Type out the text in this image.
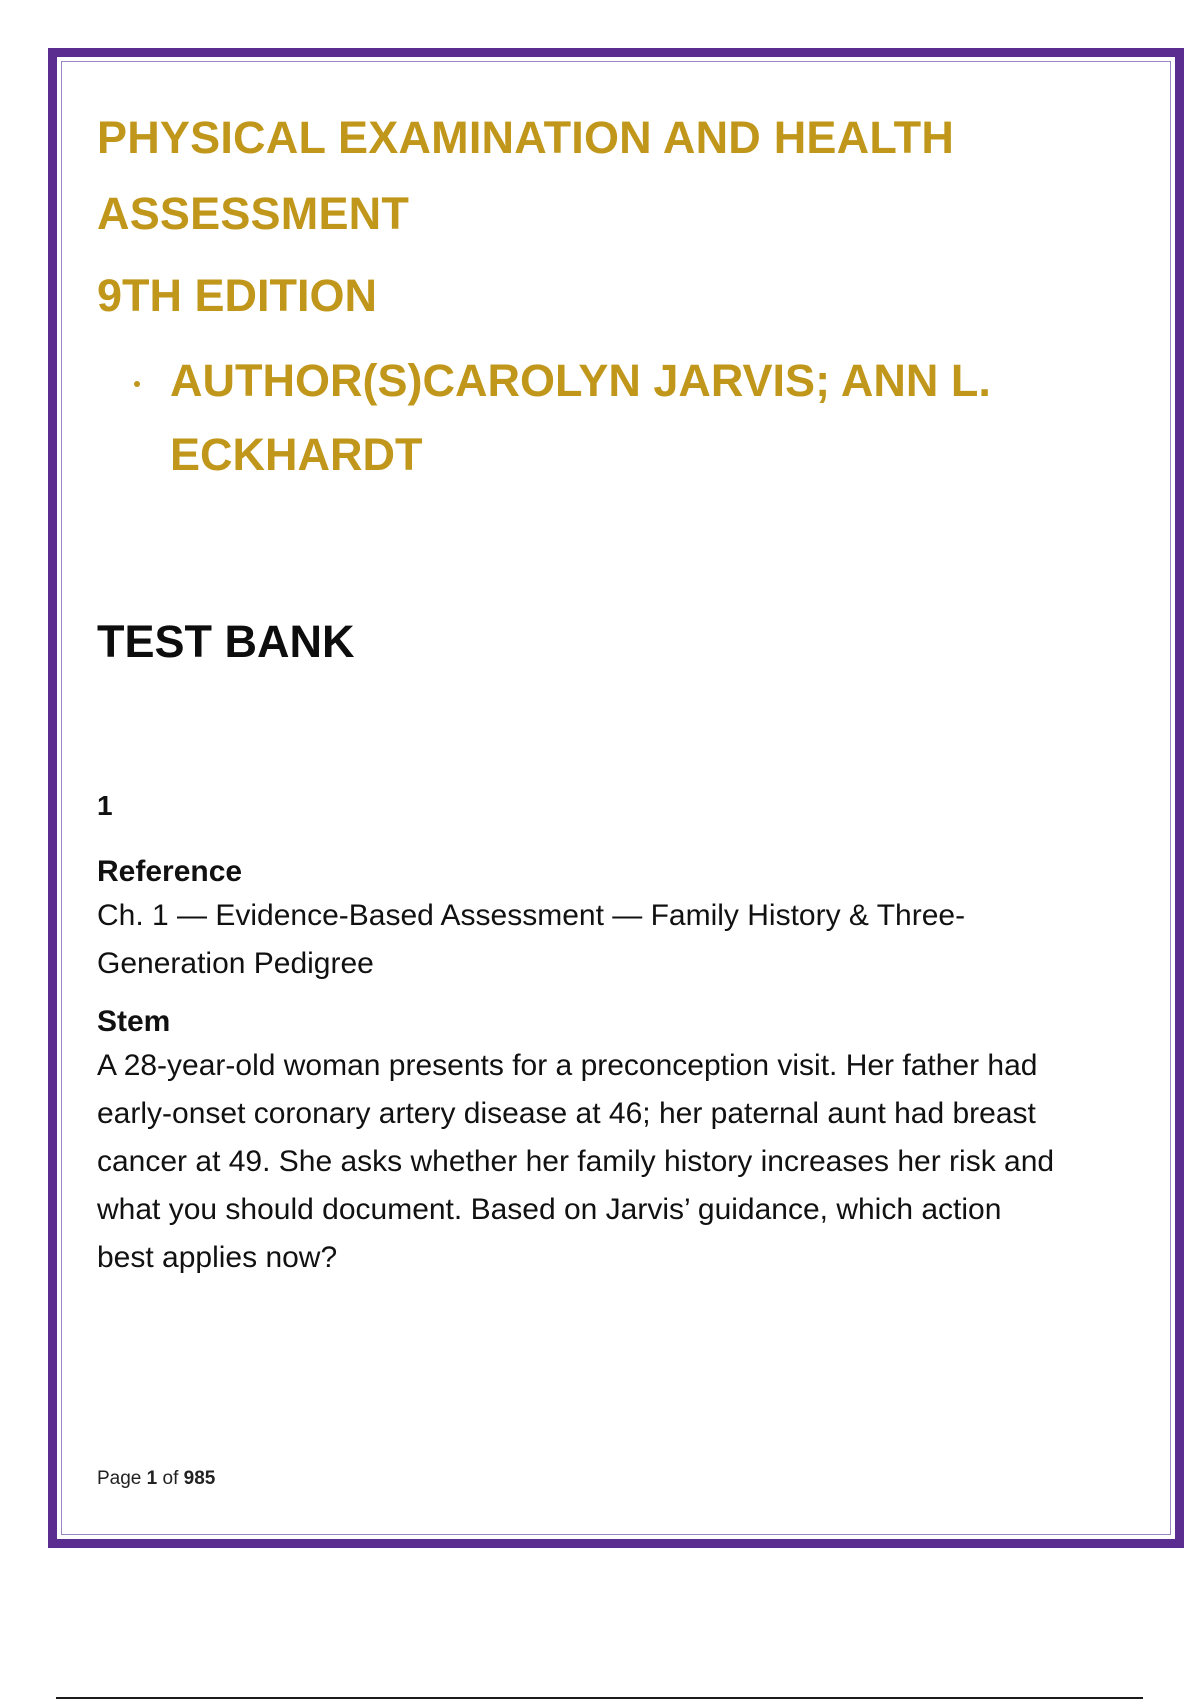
PHYSICAL EXAMINATION AND HEALTH ASSESSMENT
9TH EDITION
AUTHOR(S)CAROLYN JARVIS; ANN L. ECKHARDT
TEST BANK
1
Reference

Ch. 1 — Evidence-Based Assessment — Family History & Three-Generation Pedigree

Stem

A 28-year-old woman presents for a preconception visit. Her father had early-onset coronary artery disease at 46; her paternal aunt had breast cancer at 49. She asks whether her family history increases her risk and what you should document. Based on Jarvis’ guidance, which action best applies now?

Page 1 of 985
